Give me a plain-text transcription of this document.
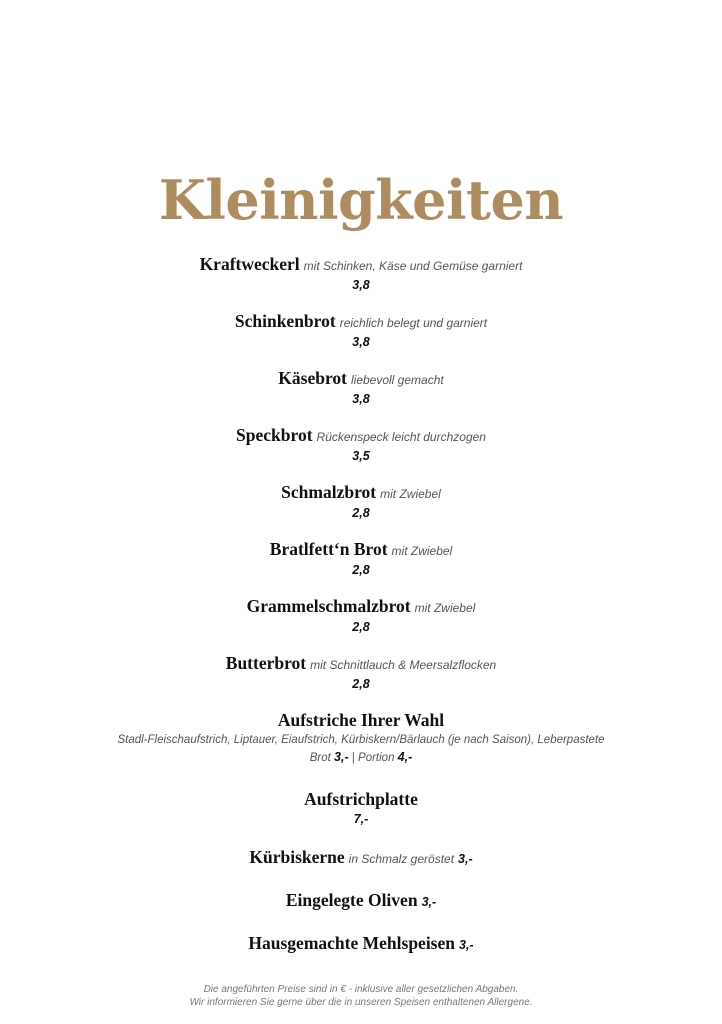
Kleinigkeiten
Kraftweckerl mit Schinken, Käse und Gemüse garniert
3,8
Schinkenbrot reichlich belegt und garniert
3,8
Käsebrot liebevoll gemacht
3,8
Speckbrot Rückenspeck leicht durchzogen
3,5
Schmalzbrot mit Zwiebel
2,8
Bratlfett‘n Brot mit Zwiebel
2,8
Grammelschmalzbrot mit Zwiebel
2,8
Butterbrot mit Schnittlauch & Meersalzflocken
2,8
Aufstriche Ihrer Wahl
Stadl-Fleischaufstrich, Liptauer, Eiaufstrich, Kürbiskern/Bärlauch (je nach Saison), Leberpastete
Brot 3,- | Portion 4,-
Aufstrichplatte
7,-
Kürbiskerne in Schmalz geröstet 3,-
Eingelegte Oliven 3,-
Hausgemachte Mehlspeisen 3,-
Die angeführten Preise sind in € - inklusive aller gesetzlichen Abgaben.
Wir informieren Sie gerne über die in unseren Speisen enthaltenen Allergene.
